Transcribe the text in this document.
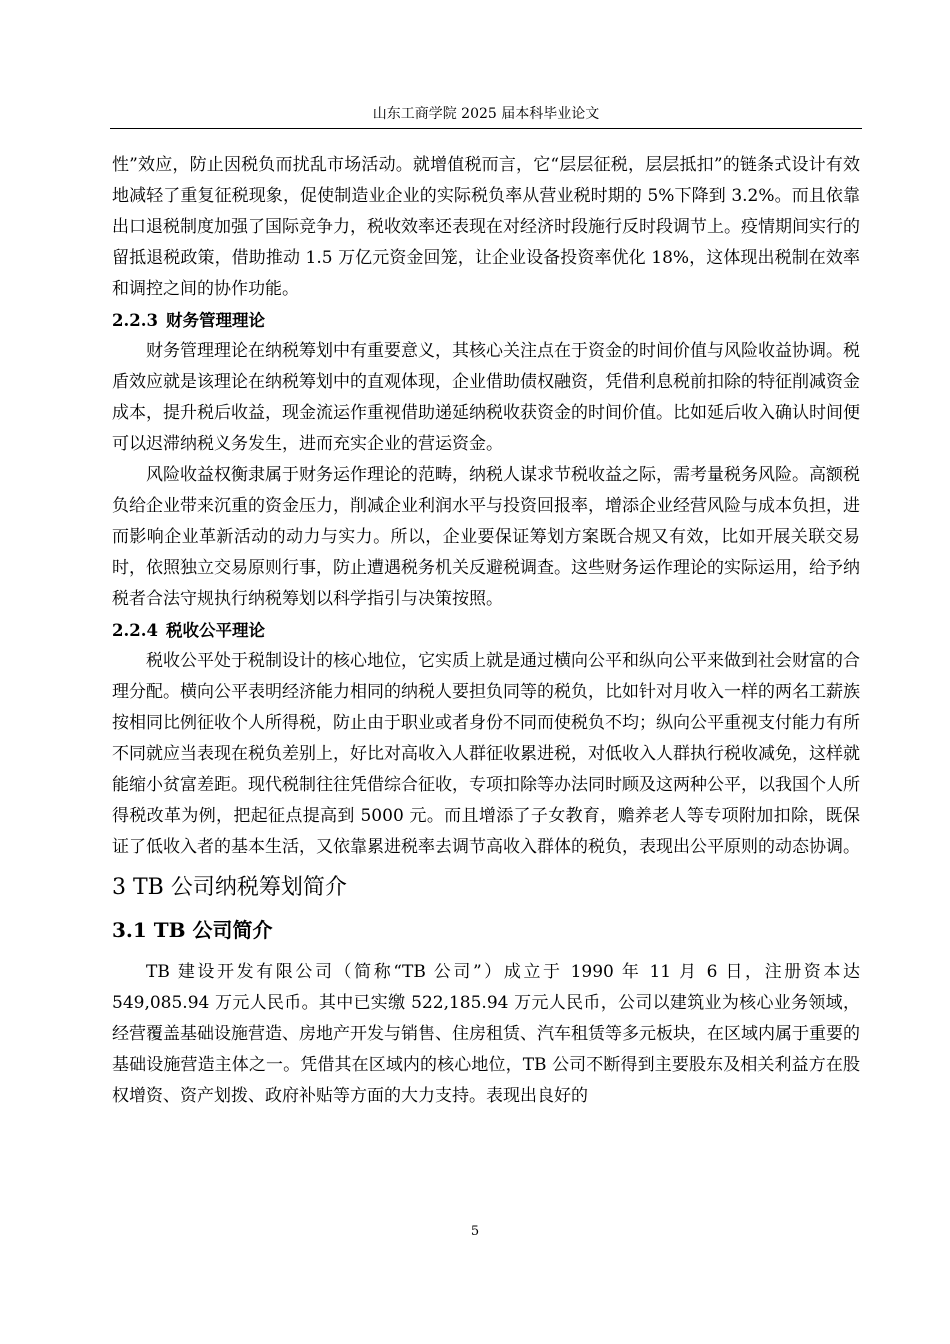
山东工商学院 2025 届本科毕业论文

性”效应，防止因税负而扰乱市场活动。就增值税而言，它“层层征税，层层抵扣”的链条式设计有效地减轻了重复征税现象，促使制造业企业的实际税负率从营业税时期的 5%下降到 3.2%。而且依靠出口退税制度加强了国际竞争力，税收效率还表现在对经济时段施行反时段调节上。疫情期间实行的留抵退税政策，借助推动 1.5 万亿元资金回笼，让企业设备投资率优化 18%，这体现出税制在效率和调控之间的协作功能。

2.2.3 财务管理理论

财务管理理论在纳税筹划中有重要意义，其核心关注点在于资金的时间价值与风险收益协调。税盾效应就是该理论在纳税筹划中的直观体现，企业借助债权融资，凭借利息税前扣除的特征削减资金成本，提升税后收益，现金流运作重视借助递延纳税收获资金的时间价值。比如延后收入确认时间便可以迟滞纳税义务发生，进而充实企业的营运资金。

风险收益权衡隶属于财务运作理论的范畴，纳税人谋求节税收益之际，需考量税务风险。高额税负给企业带来沉重的资金压力，削减企业利润水平与投资回报率，增添企业经营风险与成本负担，进而影响企业革新活动的动力与实力。所以，企业要保证筹划方案既合规又有效，比如开展关联交易时，依照独立交易原则行事，防止遭遇税务机关反避税调查。这些财务运作理论的实际运用，给予纳税者合法守规执行纳税筹划以科学指引与决策按照。

2.2.4 税收公平理论

税收公平处于税制设计的核心地位，它实质上就是通过横向公平和纵向公平来做到社会财富的合理分配。横向公平表明经济能力相同的纳税人要担负同等的税负，比如针对月收入一样的两名工薪族按相同比例征收个人所得税，防止由于职业或者身份不同而使税负不均；纵向公平重视支付能力有所不同就应当表现在税负差别上，好比对高收入人群征收累进税，对低收入人群执行税收减免，这样就能缩小贫富差距。现代税制往往凭借综合征收，专项扣除等办法同时顾及这两种公平，以我国个人所得税改革为例，把起征点提高到 5000 元。而且增添了子女教育，赡养老人等专项附加扣除，既保证了低收入者的基本生活，又依靠累进税率去调节高收入群体的税负，表现出公平原则的动态协调。

3 TB 公司纳税筹划简介
3.1 TB 公司简介

TB 建设开发有限公司（简称“TB 公司”）成立于 1990 年 11 月 6 日，注册资本达549,085.94 万元人民币。其中已实缴 522,185.94 万元人民币，公司以建筑业为核心业务领域，经营覆盖基础设施营造、房地产开发与销售、住房租赁、汽车租赁等多元板块，在区域内属于重要的基础设施营造主体之一。凭借其在区域内的核心地位，TB 公司不断得到主要股东及相关利益方在股权增资、资产划拨、政府补贴等方面的大力支持。表现出良好的

5
